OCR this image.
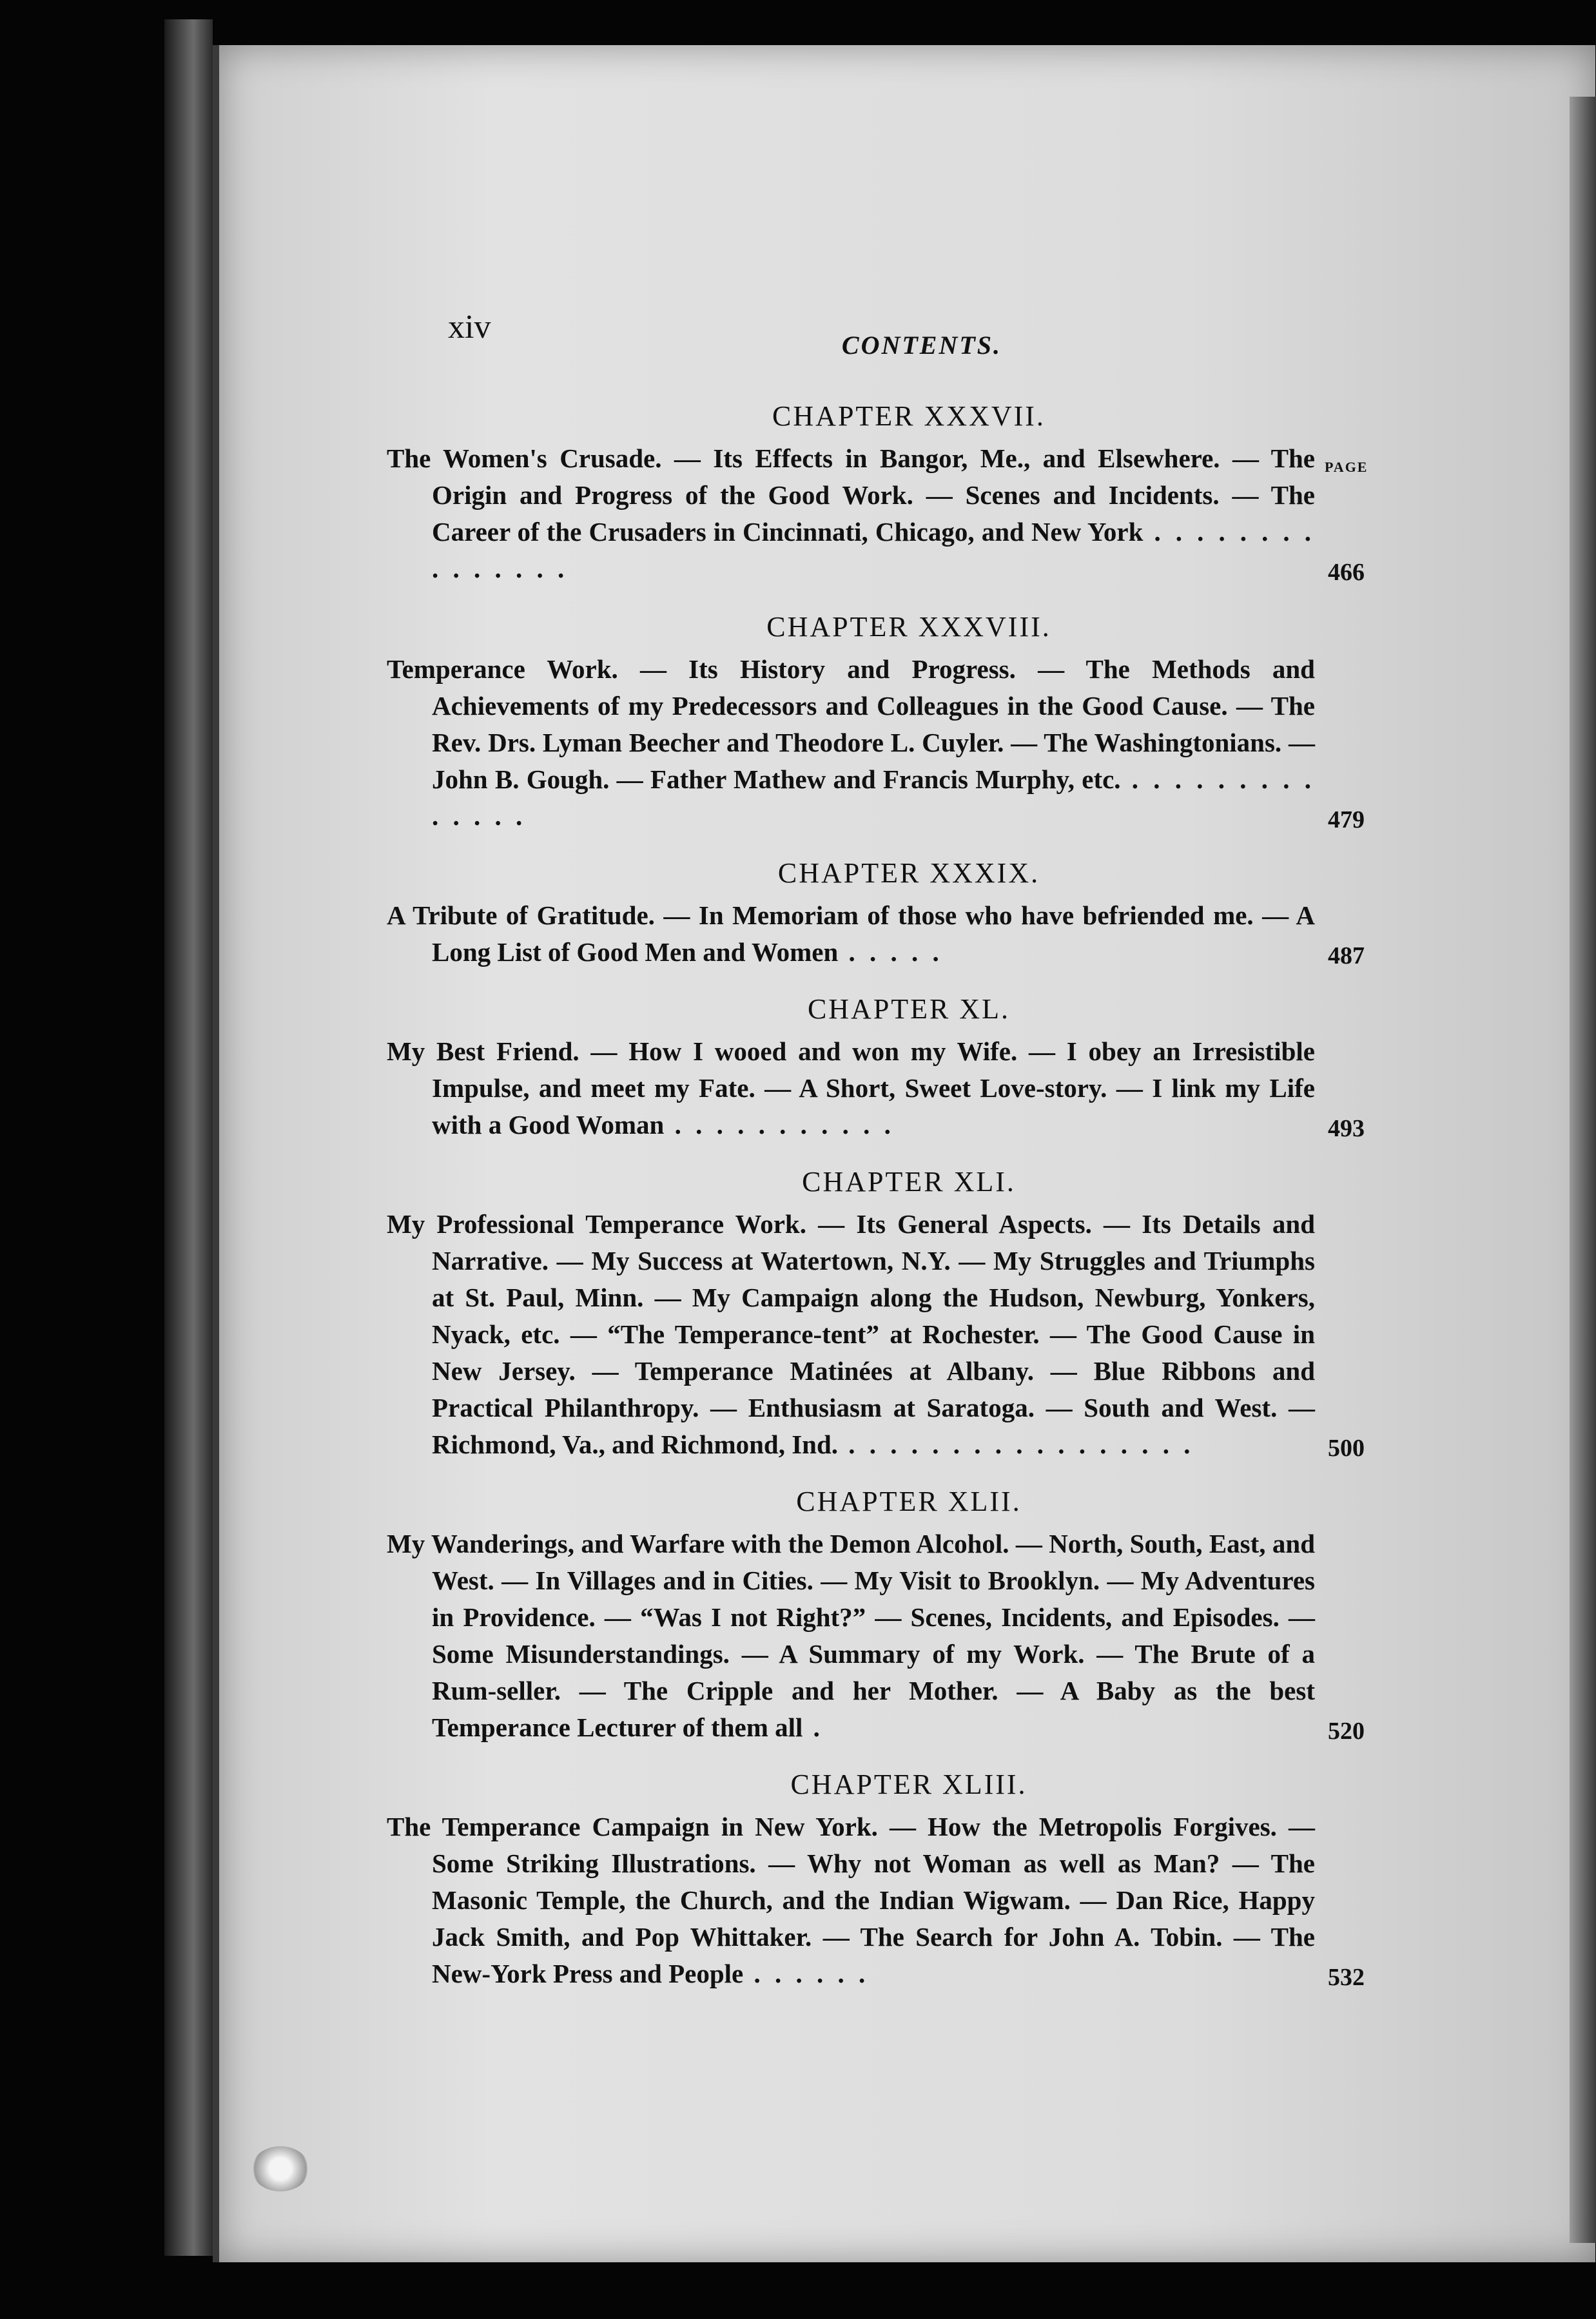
xiv	CONTENTS.
PAGE
CHAPTER XXXVII.
The Women's Crusade. — Its Effects in Bangor, Me., and Elsewhere. — The Origin and Progress of the Good Work. — Scenes and Incidents. — The Career of the Crusaders in Cincinnati, Chicago, and New York . . . . . . . . . . . . . . .	466
CHAPTER XXXVIII.
Temperance Work. — Its History and Progress. — The Methods and Achievements of my Predecessors and Colleagues in the Good Cause. — The Rev. Drs. Lyman Beecher and Theodore L. Cuyler. — The Washingtonians. — John B. Gough. — Father Mathew and Francis Murphy, etc. . . . . . . . . . . . . . .	479
CHAPTER XXXIX.
A Tribute of Gratitude. — In Memoriam of those who have befriended me. — A Long List of Good Men and Women . . . . .	487
CHAPTER XL.
My Best Friend. — How I wooed and won my Wife. — I obey an Irresistible Impulse, and meet my Fate. — A Short, Sweet Love-story. — I link my Life with a Good Woman . . . . . . . . . . .	493
CHAPTER XLI.
My Professional Temperance Work. — Its General Aspects. — Its Details and Narrative. — My Success at Watertown, N.Y. — My Struggles and Triumphs at St. Paul, Minn. — My Campaign along the Hudson, Newburg, Yonkers, Nyack, etc. — “The Temperance-tent” at Rochester. — The Good Cause in New Jersey. — Temperance Matinées at Albany. — Blue Ribbons and Practical Philanthropy. — Enthusiasm at Saratoga. — South and West. — Richmond, Va., and Richmond, Ind. . . . . . . . . . . . . . . . . .	500
CHAPTER XLII.
My Wanderings, and Warfare with the Demon Alcohol. — North, South, East, and West. — In Villages and in Cities. — My Visit to Brooklyn. — My Adventures in Providence. — “Was I not Right?” — Scenes, Incidents, and Episodes. — Some Misunderstandings. — A Summary of my Work. — The Brute of a Rum-seller. — The Cripple and her Mother. — A Baby as the best Temperance Lecturer of them all .	520
CHAPTER XLIII.
The Temperance Campaign in New York. — How the Metropolis Forgives. — Some Striking Illustrations. — Why not Woman as well as Man? — The Masonic Temple, the Church, and the Indian Wigwam. — Dan Rice, Happy Jack Smith, and Pop Whittaker. — The Search for John A. Tobin. — The New-York Press and People . . . . . .	532
